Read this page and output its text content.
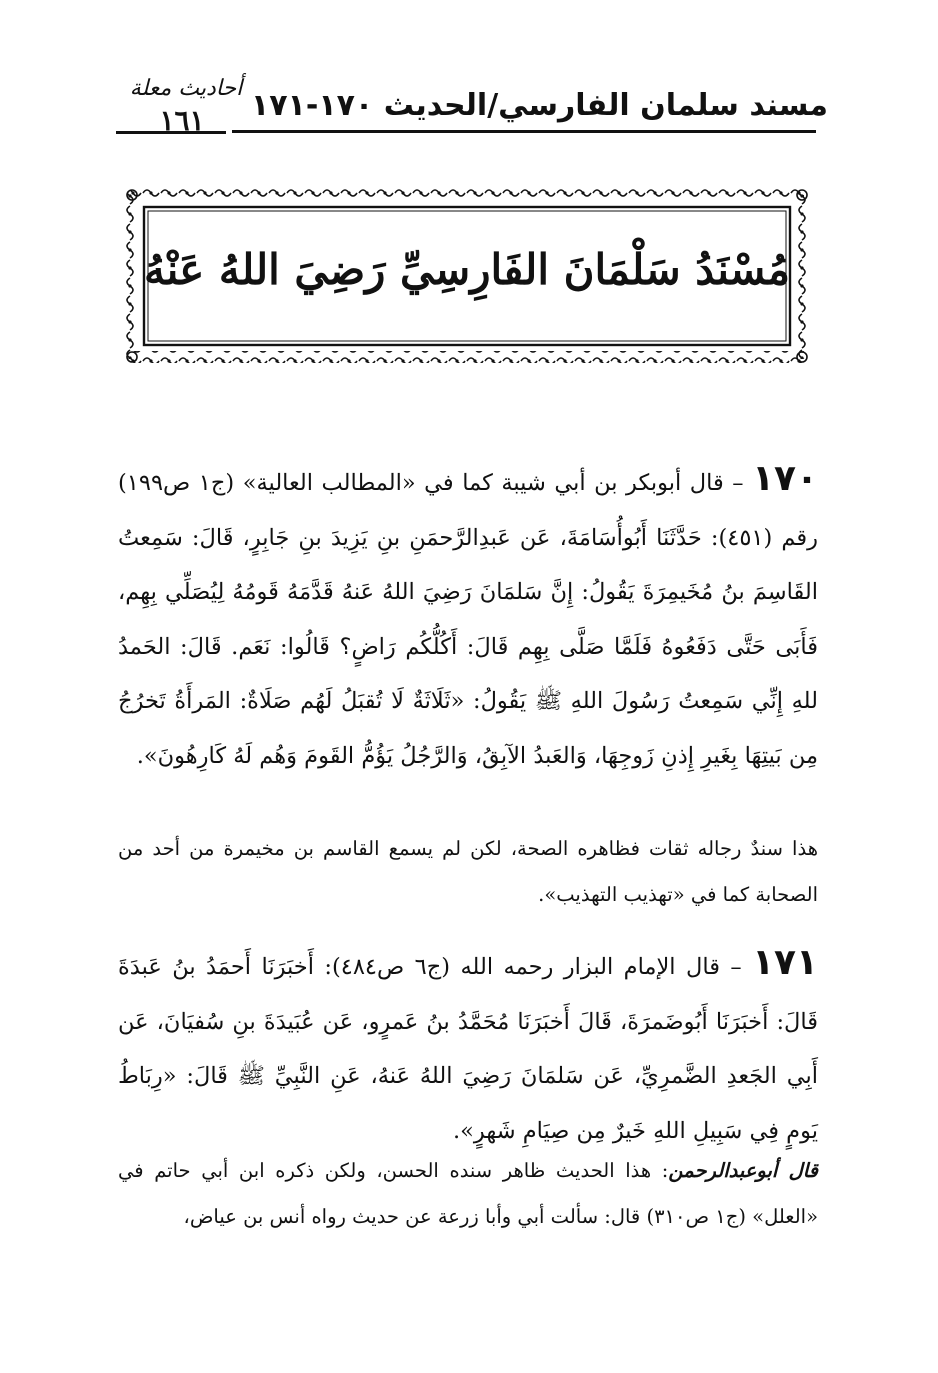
مسند سلمان الفارسي/الحديث ١٧٠-١٧١
أحاديث معلة
١٦١
مُسْنَدُ سَلْمَانَ الفَارِسِيِّ رَضِيَ اللهُ عَنْهُ
١٧٠ – قال أبوبكر بن أبي شيبة كما في «المطالب العالية» (ج١ ص١٩٩) رقم (٤٥١): حَدَّثَنَا أَبُوأُسَامَةَ، عَن عَبدِالرَّحمَنِ بنِ يَزِيدَ بنِ جَابِرٍ، قَالَ: سَمِعتُ القَاسِمَ بنُ مُخَيمِرَةَ يَقُولُ: إِنَّ سَلمَانَ رَضِيَ اللهُ عَنهُ قَدَّمَهُ قَومُهُ لِيُصَلِّي بِهِم، فَأَبَى حَتَّى دَفَعُوهُ فَلَمَّا صَلَّى بِهِم قَالَ: أَكُلُّكُم رَاضٍ؟ قَالُوا: نَعَم. قَالَ: الحَمدُ للهِ إِنِّي سَمِعتُ رَسُولَ اللهِ ﷺ يَقُولُ: «ثَلَاثَةٌ لَا تُقبَلُ لَهُم صَلَاةٌ: المَرأَةُ تَخرُجُ مِن بَيتِهَا بِغَيرِ إِذنِ زَوجِهَا، وَالعَبدُ الآبِقُ، وَالرَّجُلُ يَؤُمُّ القَومَ وَهُم لَهُ كَارِهُونَ».
هذا سندٌ رجاله ثقات فظاهره الصحة، لكن لم يسمع القاسم بن مخيمرة من أحد من الصحابة كما في «تهذيب التهذيب».
١٧١ – قال الإمام البزار رحمه الله (ج٦ ص٤٨٤): أَخبَرَنَا أَحمَدُ بنُ عَبدَةَ قَالَ: أَخبَرَنَا أَبُوضَمرَةَ، قَالَ أَخبَرَنَا مُحَمَّدُ بنُ عَمرٍو، عَن عُبَيدَةَ بنِ سُفيَانَ، عَن أَبِي الجَعدِ الضَّمرِيِّ، عَن سَلمَانَ رَضِيَ اللهُ عَنهُ، عَنِ النَّبِيِّ ﷺ قَالَ: «رِبَاطُ يَومٍ فِي سَبِيلِ اللهِ خَيرٌ مِن صِيَامِ شَهرٍ».
قال أبوعبدالرحمن: هذا الحديث ظاهر سنده الحسن، ولكن ذكره ابن أبي حاتم في «العلل» (ج١ ص٣١٠) قال: سألت أبي وأبا زرعة عن حديث رواه أنس بن عياض،
